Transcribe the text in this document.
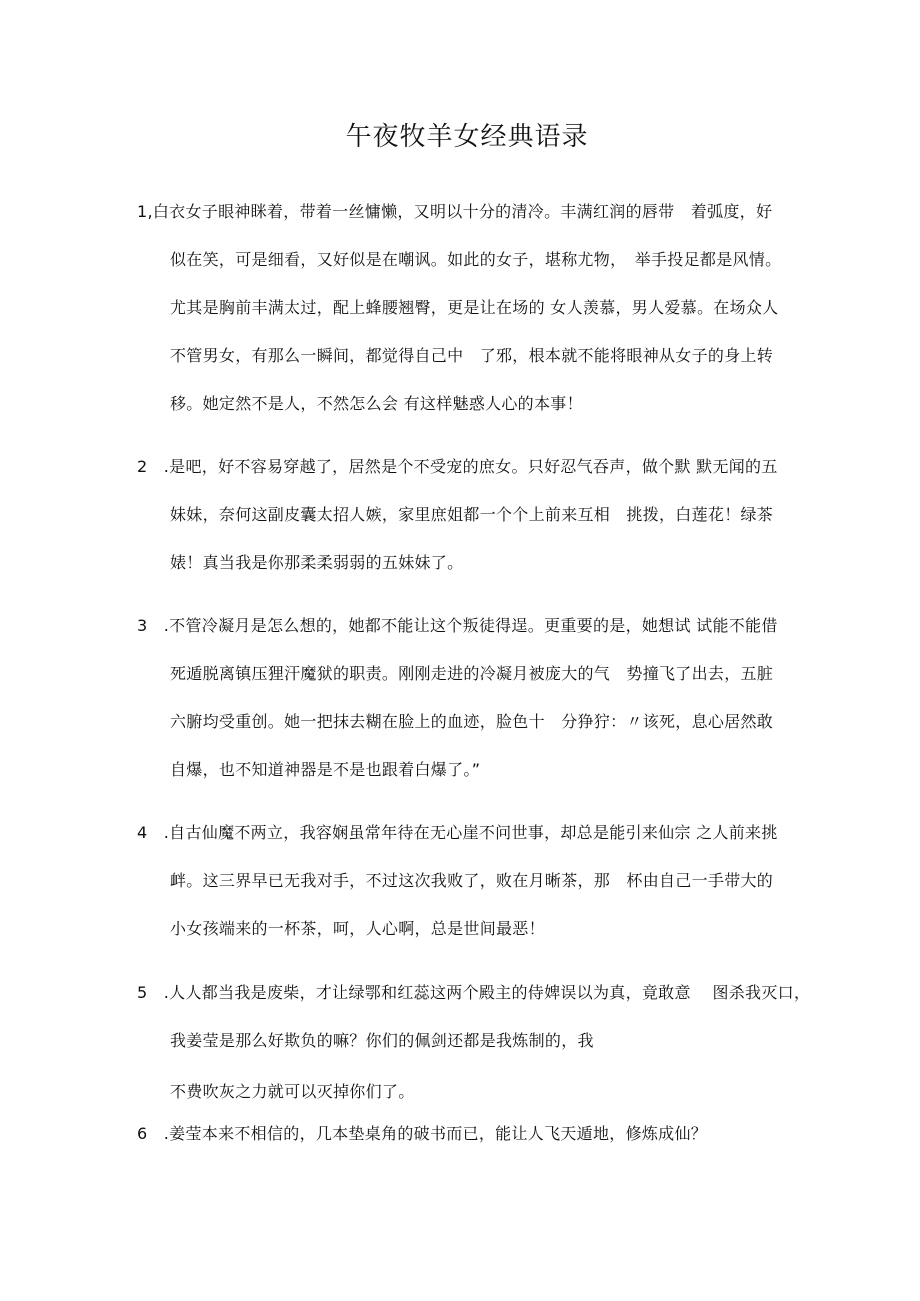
午夜牧羊女经典语录
1,白衣女子眼神眯着，带着一丝慵懒，又明以十分的清冷。丰满红润的唇带　着弧度，好
似在笑，可是细看，又好似是在嘲讽。如此的女子，堪称尤物，　举手投足都是风情。
尤其是胸前丰满太过，配上蜂腰翘臀，更是让在场的 女人羡慕，男人爱慕。在场众人
不管男女，有那么一瞬间，都觉得自己中　了邪，根本就不能将眼神从女子的身上转
移。她定然不是人，不然怎么会 有这样魅惑人心的本事！
2　.是吧，好不容易穿越了，居然是个不受宠的庶女。只好忍气吞声，做个默 默无闻的五
妹妹，奈何这副皮囊太招人嫉，家里庶姐都一个个上前来互相　挑拨，白莲花！绿茶
婊！真当我是你那柔柔弱弱的五妹妹了。
3　.不管冷凝月是怎么想的，她都不能让这个叛徒得逞。更重要的是，她想试 试能不能借
死遁脱离镇压狸汗魔狱的职责。刚刚走进的冷凝月被庞大的气　势撞飞了出去，五脏
六腑均受重创。她一把抹去糊在脸上的血迹，脸色十　分狰狞：〃该死，息心居然敢
自爆，也不知道神器是不是也跟着白爆了。”
4　.自古仙魔不两立，我容娴虽常年待在无心崖不问世事，却总是能引来仙宗 之人前来挑
衅。这三界早已无我对手，不过这次我败了，败在月晰茶，那　杯由自己一手带大的
小女孩端来的一杯茶，呵，人心啊，总是世间最恶！
5　.人人都当我是废柴，才让绿鄂和红蕊这两个殿主的侍婢误以为真，竟敢意　 图杀我灭口，
我姜莹是那么好欺负的嘛？你们的佩剑还都是我炼制的，我
不费吹灰之力就可以灭掉你们了。
6　.姜莹本来不相信的，几本垫桌角的破书而已，能让人飞天遁地，修炼成仙？
